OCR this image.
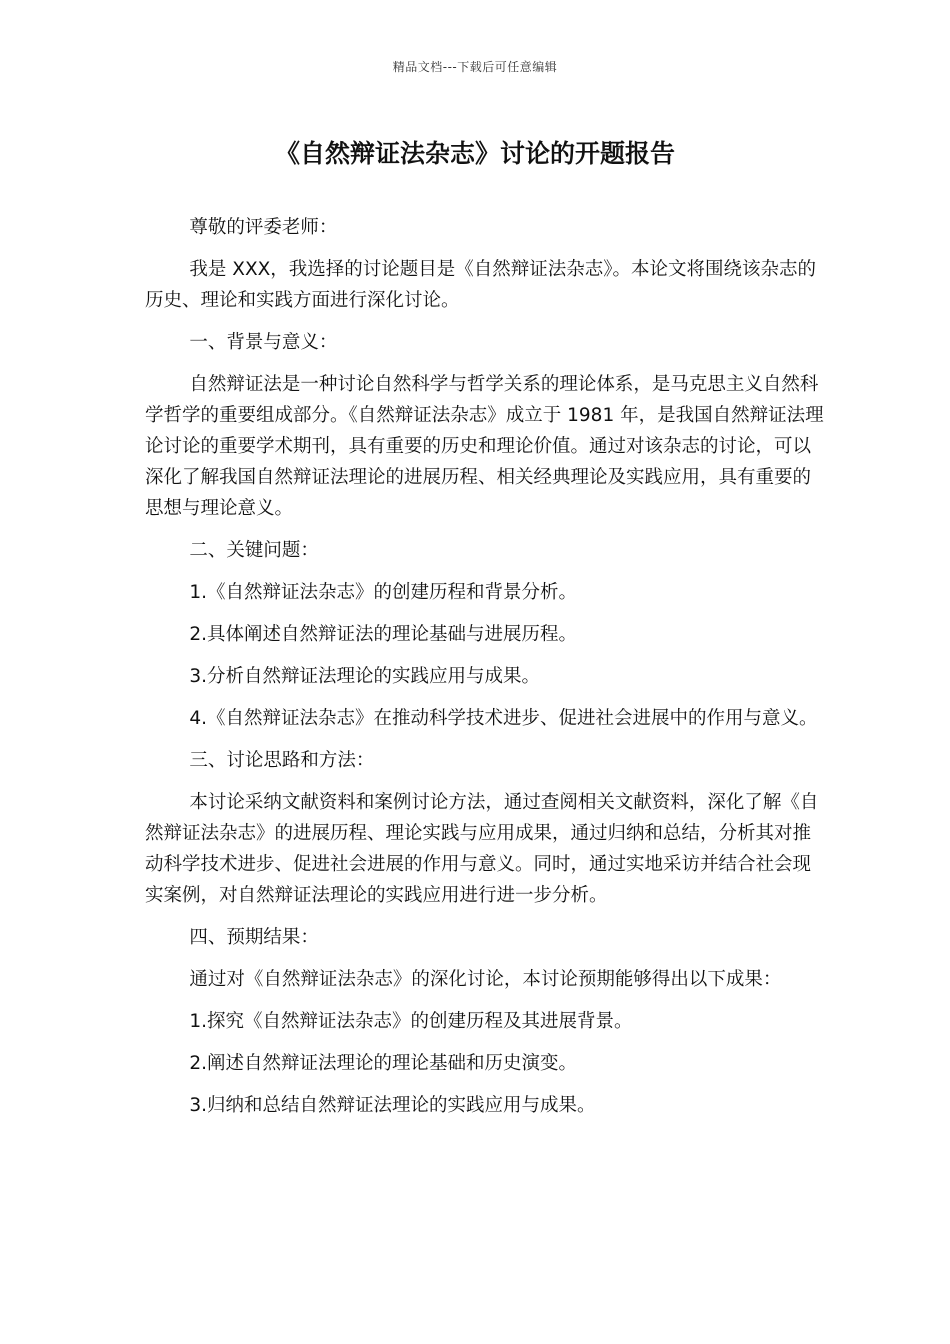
精品文档---下载后可任意编辑
《自然辩证法杂志》讨论的开题报告

尊敬的评委老师：

我是 XXX，我选择的讨论题目是《自然辩证法杂志》。本论文将围绕该杂志的历史、理论和实践方面进行深化讨论。

一、背景与意义：

自然辩证法是一种讨论自然科学与哲学关系的理论体系，是马克思主义自然科学哲学的重要组成部分。《自然辩证法杂志》成立于 1981 年，是我国自然辩证法理论讨论的重要学术期刊，具有重要的历史和理论价值。通过对该杂志的讨论，可以深化了解我国自然辩证法理论的进展历程、相关经典理论及实践应用，具有重要的思想与理论意义。

二、关键问题：

1.《自然辩证法杂志》的创建历程和背景分析。

2.具体阐述自然辩证法的理论基础与进展历程。

3.分析自然辩证法理论的实践应用与成果。

4.《自然辩证法杂志》在推动科学技术进步、促进社会进展中的作用与意义。

三、讨论思路和方法：

本讨论采纳文献资料和案例讨论方法，通过查阅相关文献资料，深化了解《自然辩证法杂志》的进展历程、理论实践与应用成果，通过归纳和总结，分析其对推动科学技术进步、促进社会进展的作用与意义。同时，通过实地采访并结合社会现实案例，对自然辩证法理论的实践应用进行进一步分析。

四、预期结果：

通过对《自然辩证法杂志》的深化讨论，本讨论预期能够得出以下成果：

1.探究《自然辩证法杂志》的创建历程及其进展背景。

2.阐述自然辩证法理论的理论基础和历史演变。

3.归纳和总结自然辩证法理论的实践应用与成果。
